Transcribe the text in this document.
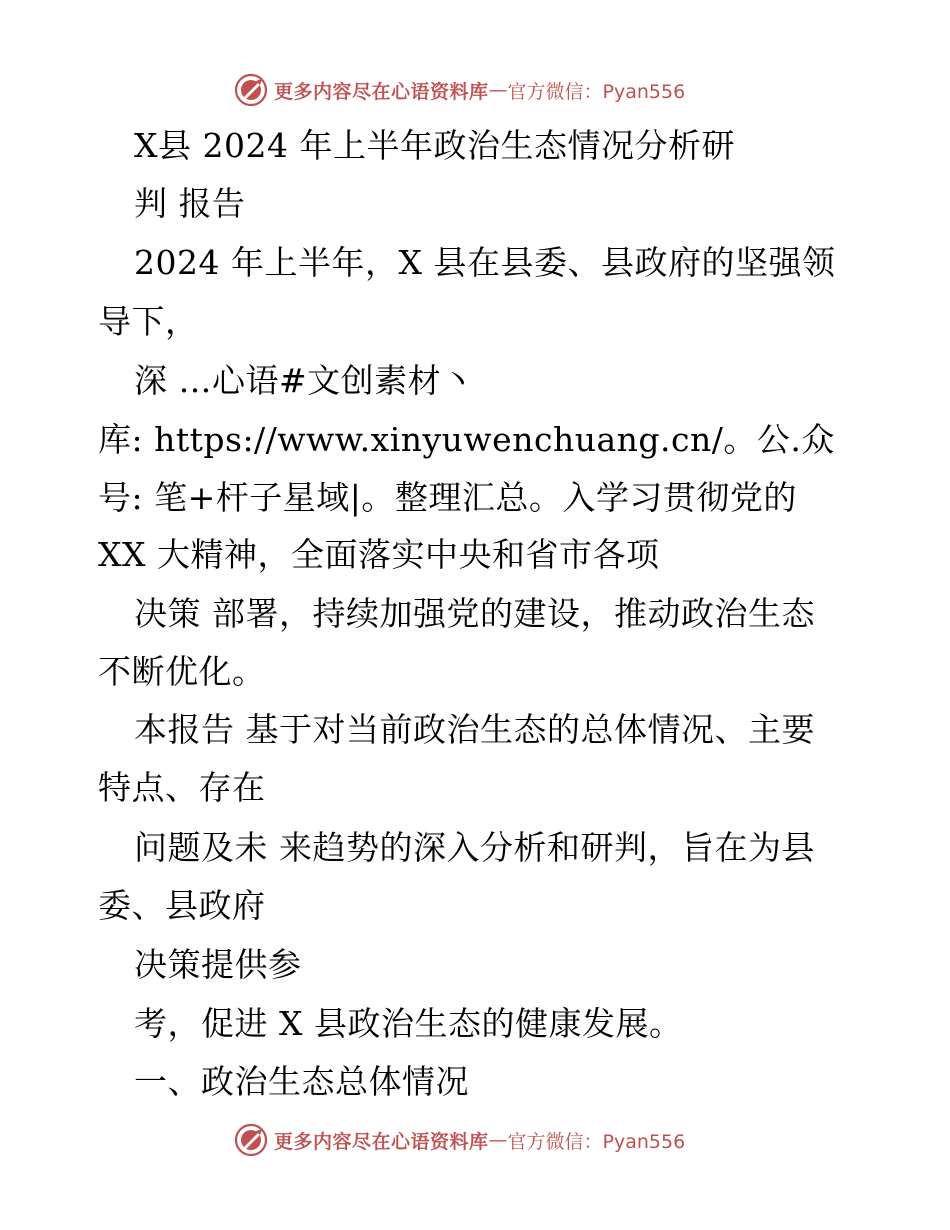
更多内容尽在心语资料库 — 官方微信：Pyan556
X县 2024 年上半年政治生态情况分析研
判 报告
2024 年上半年，X 县在县委、县政府的坚强领
导下，
深 …心语#文创素材丶
库: https://www.xinyuwenchuang.cn/。公.众
号: 笔+杆子星域|。整理汇总。入学习贯彻党的
XX 大精神，全面落实中央和省市各项
决策 部署，持续加强党的建设，推动政治生态
不断优化。
本报告 基于对当前政治生态的总体情况、主要
特点、存在
问题及未 来趋势的深入分析和研判，旨在为县
委、县政府
决策提供参
考，促进 X 县政治生态的健康发展。
一、政治生态总体情况
更多内容尽在心语资料库 — 官方微信：Pyan556
